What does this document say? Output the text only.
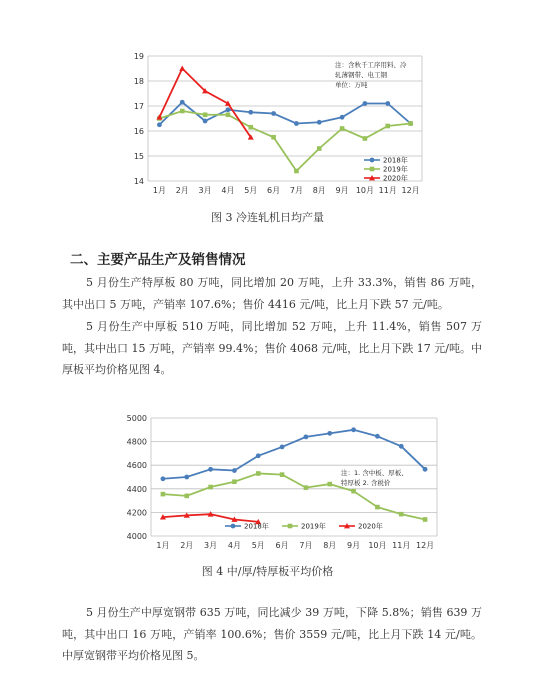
14
15
16
17
18
19
1月 2月 3月 4月 5月 6月 7月 8月 9月 10月 11月 12月
注：含秋千工序用料、冷
轧薄钢带、电工钢
单位：万吨
2018年
2019年
2020年
图 3 冷连轧机日均产量
二、主要产品生产及销售情况
5 月份生产特厚板 80 万吨，同比增加 20 万吨，上升 33.3%，销售 86 万吨，其中出口 5 万吨，产销率 107.6%；售价 4416 元/吨，比上月下跌 57 元/吨。
5 月份生产中厚板 510 万吨，同比增加 52 万吨，上升 11.4%，销售 507 万吨，其中出口 15 万吨，产销率 99.4%；售价 4068 元/吨，比上月下跌 17 元/吨。中厚板平均价格见图 4。
4000
4200
4400
4600
4800
5000
1月 2月 3月 4月 5月 6月 7月 8月 9月 10月 11月 12月
注：1. 含中板、厚板、
特厚板 2. 含税价
2018年	2019年	2020年
图 4 中/厚/特厚板平均价格
5 月份生产中厚宽钢带 635 万吨，同比减少 39 万吨，下降 5.8%；销售 639 万吨，其中出口 16 万吨，产销率 100.6%；售价 3559 元/吨，比上月下跌 14 元/吨。中厚宽钢带平均价格见图 5。
